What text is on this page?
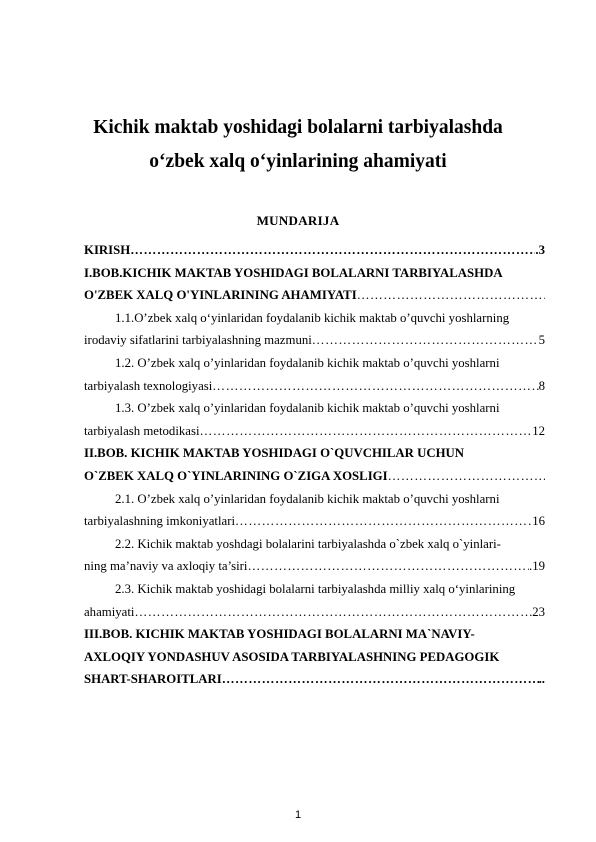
Kichik maktab yoshidagi bolalarni tarbiyalashda
o‘zbek xalq o‘yinlarining ahamiyati
MUNDARIJA
KIRISH ………………………………………………………………………………………………………………………………………………………………	.3
I.BOB.KICHIK MAKTAB YOSHIDAGI BOLALARNI TARBIYALASHDA
O'ZBEK XALQ O'YINLARINING AHAMIYATI
………………………………………………………………………………………………………………………………………………………………
1.1.O’zbek xalq o‘yinlaridan foydalanib kichik maktab o’quvchi yoshlarning
irodaviy sifatlarini tarbiyalashning mazmuni ………………………………………………………………………………………………………………………………………………………………	5
1.2. O’zbek xalq o’yinlaridan foydalanib kichik maktab o’quvchi yoshlarni
tarbiyalash texnologiyasi ………………………………………………………………………………………………………………………………………………………………	8
1.3. O’zbek xalq o’yinlaridan foydalanib kichik maktab o’quvchi yoshlarni
tarbiyalash metodikasi ………………………………………………………………………………………………………………………………………………………………	12
II.BOB. KICHIK MAKTAB YOSHIDAGI O`QUVCHILAR UCHUN
O`ZBEK XALQ O`YINLARINING O`ZIGA XOSLIGI
………………………………………………………………………………………………………………………………………………………………
2.1. O’zbek xalq o’yinlaridan foydalanib kichik maktab o’quvchi yoshlarni
tarbiyalashning imkoniyatlari ………………………………………………………………………………………………………………………………………………………………	16
2.2. Kichik maktab yoshdagi bolalarini tarbiyalashda o`zbek xalq o`yinlari-
ning ma’naviy va axloqiy ta’siri ………………………………………………………………………………………………………………………………………………………………	.19
2.3. Kichik maktab yoshidagi bolalarni tarbiyalashda milliy xalq o‘yinlarining
ahamiyati ………………………………………………………………………………………………………………………………………………………………	23
III.BOB. KICHIK MAKTAB YOSHIDAGI BOLALARNI MA`NAVIY-
AXLOQIY YONDASHUV ASOSIDA TARBIYALASHNING PEDAGOGIK
SHART-SHAROITLARI ………………………………………………………………………………………………………………………………………………………………	..
1
